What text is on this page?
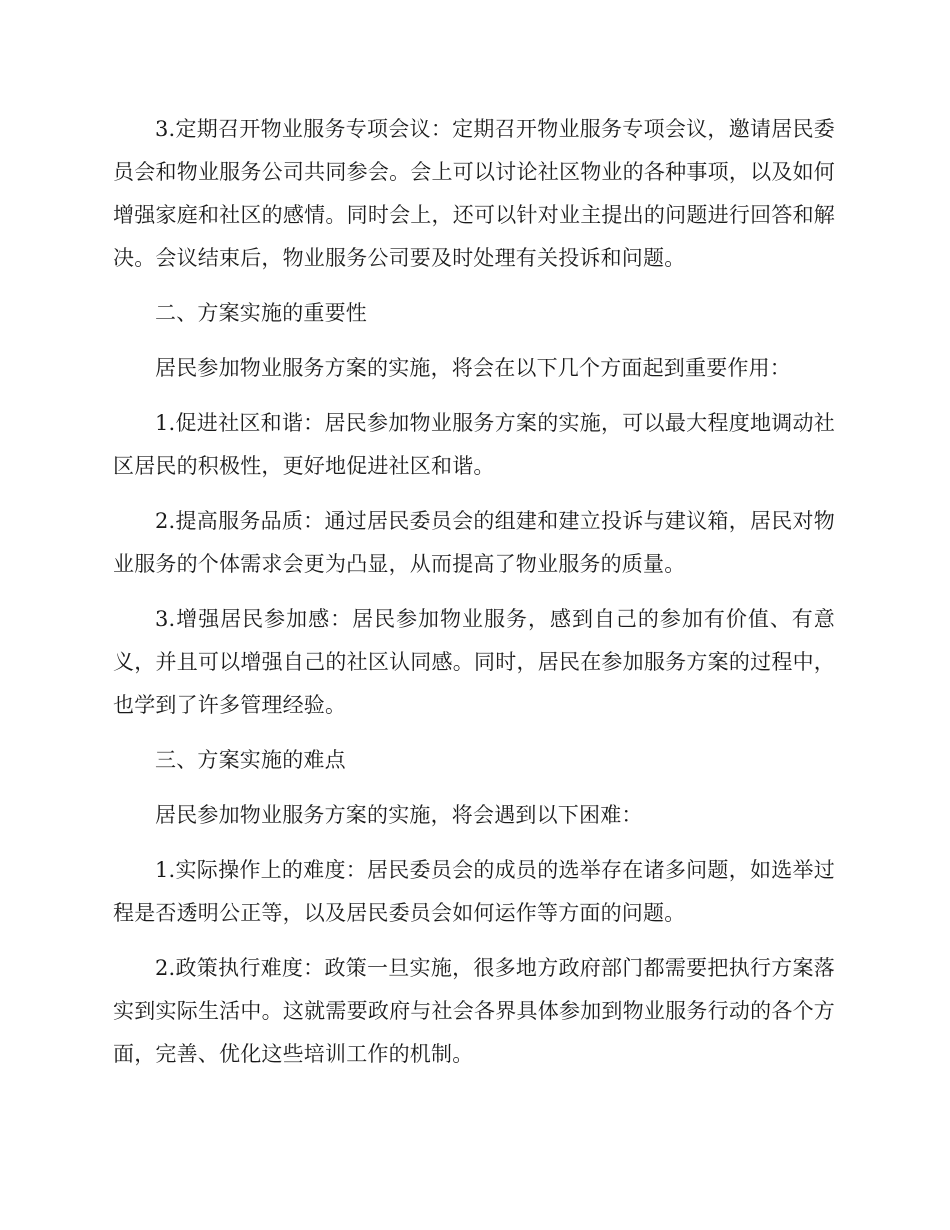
3.定期召开物业服务专项会议：定期召开物业服务专项会议，邀请居民委员会和物业服务公司共同参会。会上可以讨论社区物业的各种事项，以及如何增强家庭和社区的感情。同时会上，还可以针对业主提出的问题进行回答和解决。会议结束后，物业服务公司要及时处理有关投诉和问题。

二、方案实施的重要性

居民参加物业服务方案的实施，将会在以下几个方面起到重要作用：

1.促进社区和谐：居民参加物业服务方案的实施，可以最大程度地调动社区居民的积极性，更好地促进社区和谐。

2.提高服务品质：通过居民委员会的组建和建立投诉与建议箱，居民对物业服务的个体需求会更为凸显，从而提高了物业服务的质量。

3.增强居民参加感：居民参加物业服务，感到自己的参加有价值、有意义，并且可以增强自己的社区认同感。同时，居民在参加服务方案的过程中，也学到了许多管理经验。

三、方案实施的难点

居民参加物业服务方案的实施，将会遇到以下困难：

1.实际操作上的难度：居民委员会的成员的选举存在诸多问题，如选举过程是否透明公正等，以及居民委员会如何运作等方面的问题。

2.政策执行难度：政策一旦实施，很多地方政府部门都需要把执行方案落实到实际生活中。这就需要政府与社会各界具体参加到物业服务行动的各个方面，完善、优化这些培训工作的机制。
